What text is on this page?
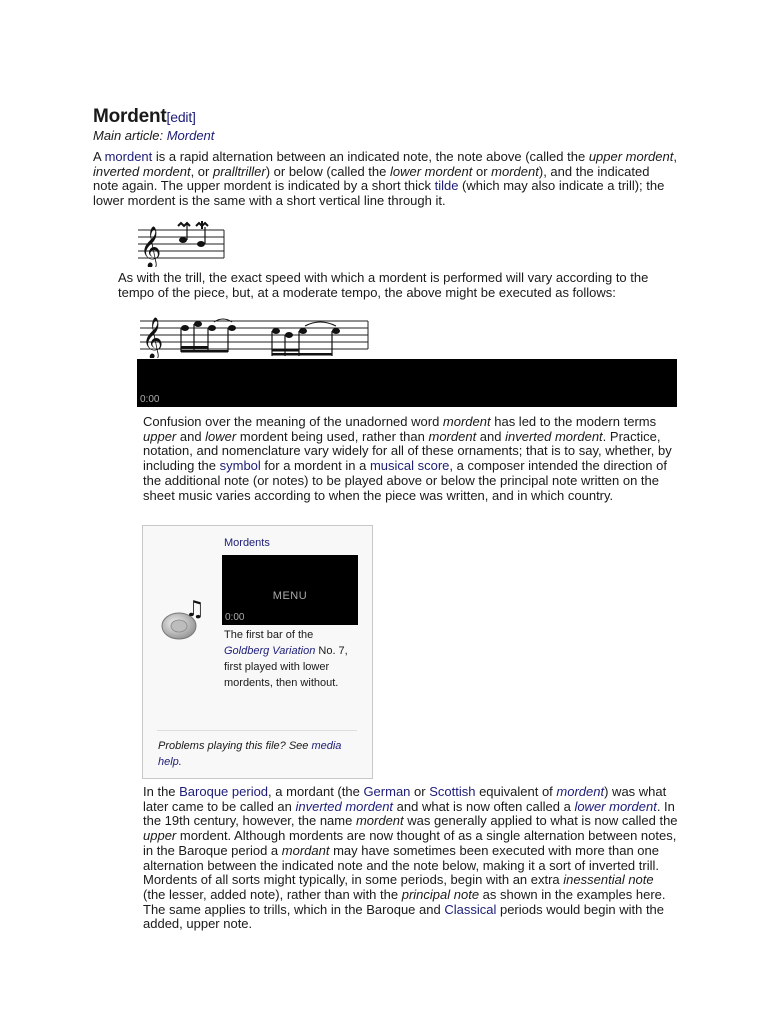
Mordent[edit]
Main article: Mordent
A mordent is a rapid alternation between an indicated note, the note above (called the upper mordent, inverted mordent, or pralltriller) or below (called the lower mordent or mordent), and the indicated note again. The upper mordent is indicated by a short thick tilde (which may also indicate a trill); the lower mordent is the same with a short vertical line through it.
𝄞
As with the trill, the exact speed with which a mordent is performed will vary according to the tempo of the piece, but, at a moderate tempo, the above might be executed as follows:
𝄞
0:00
Confusion over the meaning of the unadorned word mordent has led to the modern terms upper and lower mordent being used, rather than mordent and inverted mordent. Practice, notation, and nomenclature vary widely for all of these ornaments; that is to say, whether, by including the symbol for a mordent in a musical score, a composer intended the direction of the additional note (or notes) to be played above or below the principal note written on the sheet music varies according to when the piece was written, and in which country.
♫
Mordents
MENU
0:00
The first bar of the Goldberg Variation No. 7, first played with lower mordents, then without.
Problems playing this file? See media help.
In the Baroque period, a mordant (the German or Scottish equivalent of mordent) was what later came to be called an inverted mordent and what is now often called a lower mordent. In the 19th century, however, the name mordent was generally applied to what is now called the upper mordent. Although mordents are now thought of as a single alternation between notes, in the Baroque period a mordant may have sometimes been executed with more than one alternation between the indicated note and the note below, making it a sort of inverted trill. Mordents of all sorts might typically, in some periods, begin with an extra inessential note (the lesser, added note), rather than with the principal note as shown in the examples here. The same applies to trills, which in the Baroque and Classical periods would begin with the added, upper note.
